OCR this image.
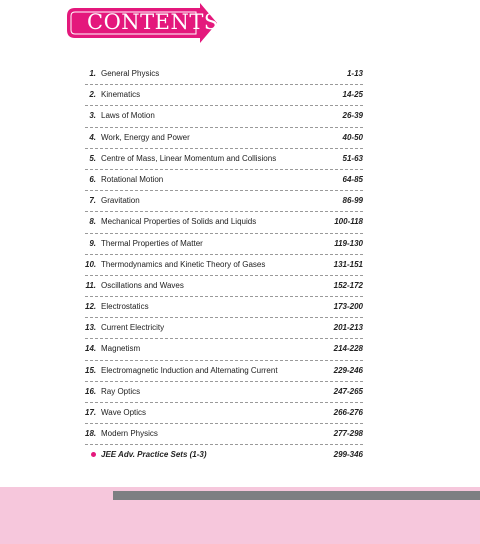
CONTENTS
1. General Physics	1-13
2. Kinematics	14-25
3. Laws of Motion	26-39
4. Work, Energy and Power	40-50
5. Centre of Mass, Linear Momentum and Collisions	51-63
6. Rotational Motion	64-85
7. Gravitation	86-99
8. Mechanical Properties of Solids and Liquids	100-118
9. Thermal Properties of Matter	119-130
10. Thermodynamics and Kinetic Theory of Gases	131-151
11. Oscillations and Waves	152-172
12. Electrostatics	173-200
13. Current Electricity	201-213
14. Magnetism	214-228
15. Electromagnetic Induction and Alternating Current	229-246
16. Ray Optics	247-265
17. Wave Optics	266-276
18. Modern Physics	277-298
JEE Adv. Practice Sets (1-3)	299-346
